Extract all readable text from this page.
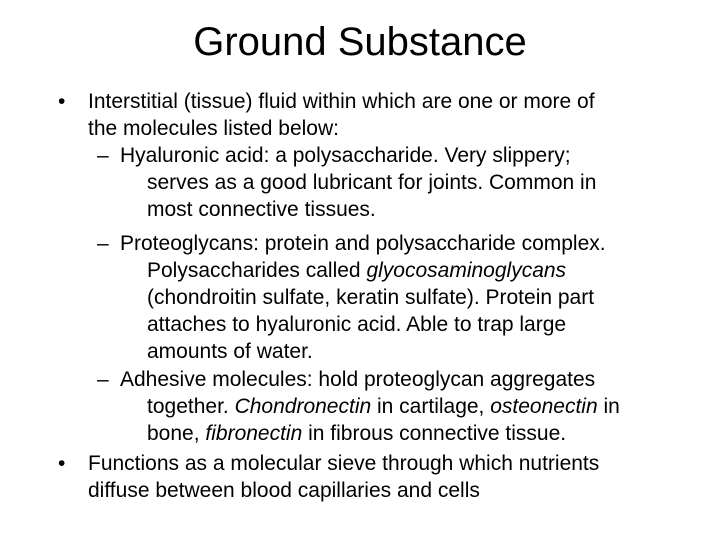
Ground Substance
• Interstitial (tissue) fluid within which are one or more of
the molecules listed below:
– Hyaluronic acid: a polysaccharide. Very slippery;
serves as a good lubricant for joints. Common in
most connective tissues.
– Proteoglycans: protein and polysaccharide complex.
Polysaccharides called glyocosaminoglycans
(chondroitin sulfate, keratin sulfate). Protein part
attaches to hyaluronic acid. Able to trap large
amounts of water.
– Adhesive molecules: hold proteoglycan aggregates
together. Chondronectin in cartilage, osteonectin in
bone, fibronectin in fibrous connective tissue.
• Functions as a molecular sieve through which nutrients
diffuse between blood capillaries and cells
